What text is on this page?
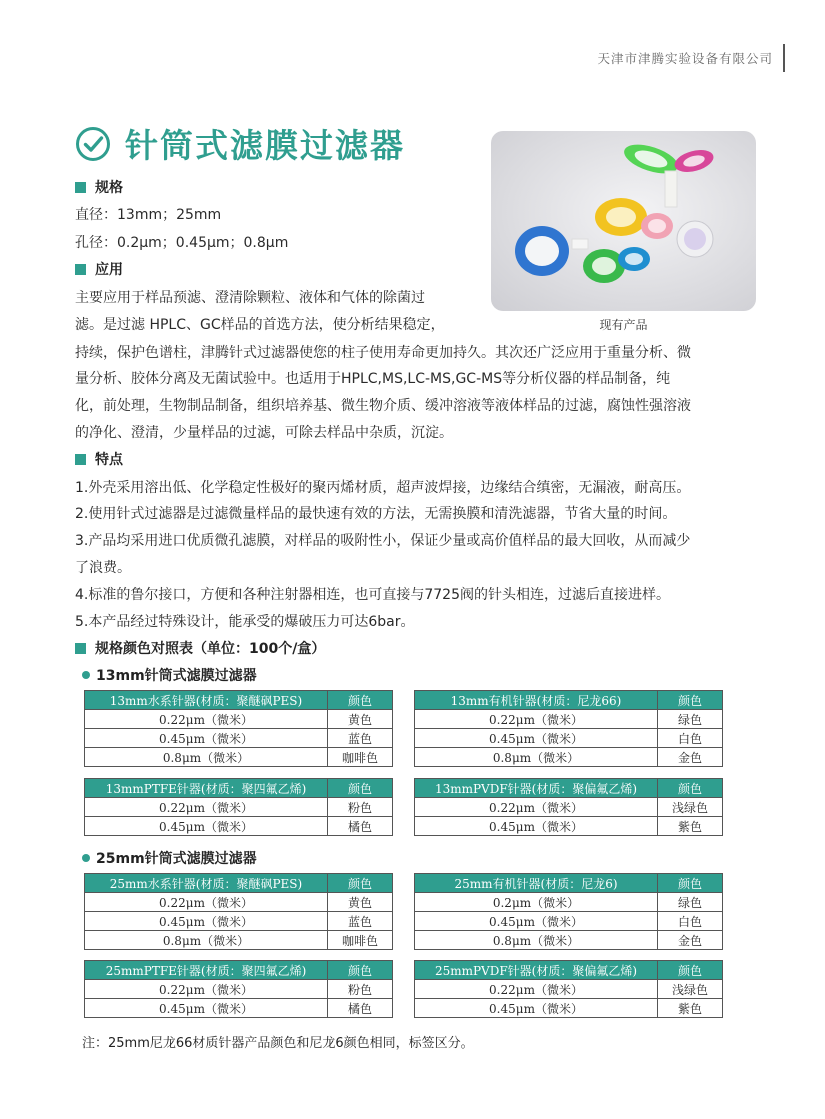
天津市津腾实验设备有限公司
针筒式滤膜过滤器
现有产品
规格
直径：13mm；25mm
孔径：0.2μm；0.45μm；0.8μm
应用
主要应用于样品预滤、澄清除颗粒、液体和气体的除菌过
滤。是过滤 HPLC、GC样品的首选方法，使分析结果稳定，
持续，保护色谱柱，津腾针式过滤器使您的柱子使用寿命更加持久。其次还广泛应用于重量分析、微
量分析、胶体分离及无菌试验中。也适用于HPLC,MS,LC-MS,GC-MS等分析仪器的样品制备，纯
化，前处理，生物制品制备，组织培养基、微生物介质、缓冲溶液等液体样品的过滤，腐蚀性强溶液
的净化、澄清，少量样品的过滤，可除去样品中杂质，沉淀。
特点
1.外壳采用溶出低、化学稳定性极好的聚丙烯材质，超声波焊接，边缘结合缜密，无漏液，耐高压。
2.使用针式过滤器是过滤微量样品的最快速有效的方法，无需换膜和清洗滤器，节省大量的时间。
3.产品均采用进口优质微孔滤膜，对样品的吸附性小，保证少量或高价值样品的最大回收，从而减少
了浪费。
4.标准的鲁尔接口，方便和各种注射器相连，也可直接与7725阀的针头相连，过滤后直接进样。
5.本产品经过特殊设计，能承受的爆破压力可达6bar。
规格颜色对照表（单位：100个/盒）
13mm针筒式滤膜过滤器
13mm水系针器(材质：聚醚砜PES)	颜色
0.22μm（微米）	黄色
0.45μm（微米）	蓝色
0.8μm（微米）	咖啡色
13mm有机针器(材质：尼龙66)	颜色
0.22μm（微米）	绿色
0.45μm（微米）	白色
0.8μm（微米）	金色
13mmPTFE针器(材质：聚四氟乙烯)	颜色
0.22μm（微米）	粉色
0.45μm（微米）	橘色
13mmPVDF针器(材质：聚偏氟乙烯)	颜色
0.22μm（微米）	浅绿色
0.45μm（微米）	紫色
25mm针筒式滤膜过滤器
25mm水系针器(材质：聚醚砜PES)	颜色
0.22μm（微米）	黄色
0.45μm（微米）	蓝色
0.8μm（微米）	咖啡色
25mm有机针器(材质：尼龙6)	颜色
0.2μm（微米）	绿色
0.45μm（微米）	白色
0.8μm（微米）	金色
25mmPTFE针器(材质：聚四氟乙烯)	颜色
0.22μm（微米）	粉色
0.45μm（微米）	橘色
25mmPVDF针器(材质：聚偏氟乙烯)	颜色
0.22μm（微米）	浅绿色
0.45μm（微米）	紫色
注：25mm尼龙66材质针器产品颜色和尼龙6颜色相同，标签区分。
